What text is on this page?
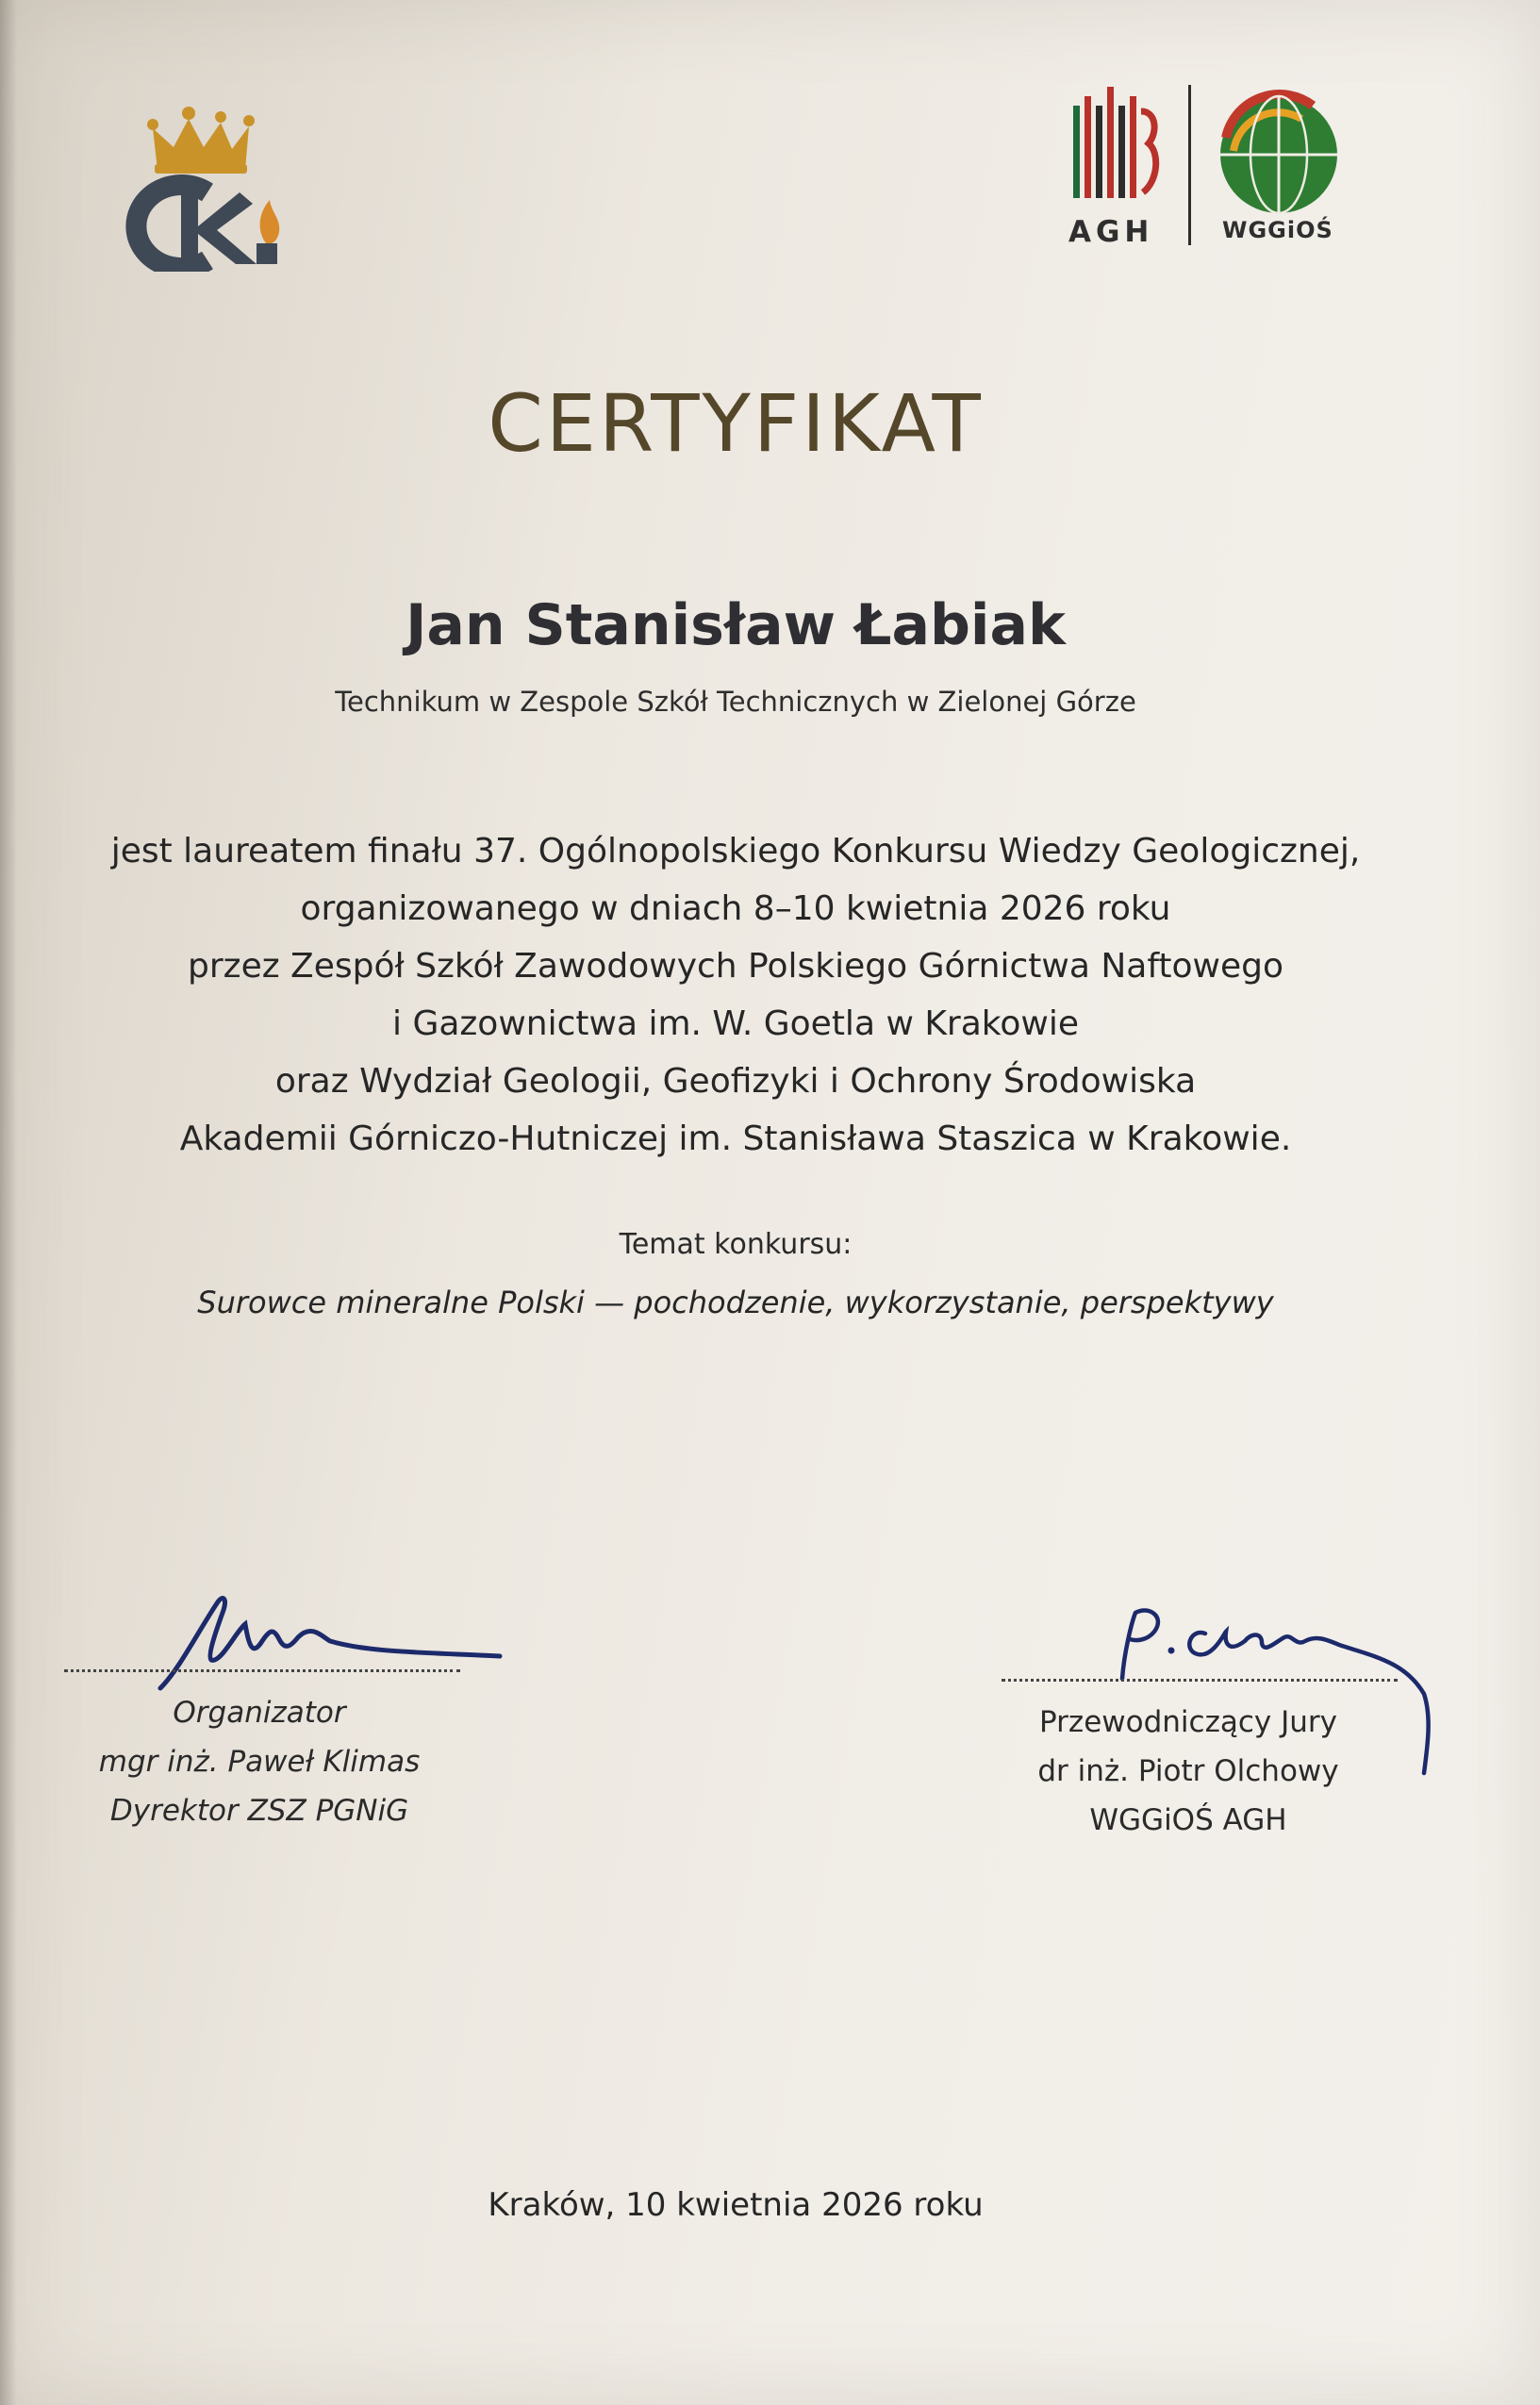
AGH	WGGiOŚ
CERTYFIKAT
Jan Stanisław Łabiak
Technikum w Zespole Szkół Technicznych w Zielonej Górze
jest laureatem finału 37. Ogólnopolskiego Konkursu Wiedzy Geologicznej,
organizowanego w dniach 8–10 kwietnia 2026 roku
przez Zespół Szkół Zawodowych Polskiego Górnictwa Naftowego
i Gazownictwa im. W. Goetla w Krakowie
oraz Wydział Geologii, Geofizyki i Ochrony Środowiska
Akademii Górniczo-Hutniczej im. Stanisława Staszica w Krakowie.
Temat konkursu:
Surowce mineralne Polski — pochodzenie, wykorzystanie, perspektywy
Organizator
mgr inż. Paweł Klimas
Dyrektor ZSZ PGNiG
Przewodniczący Jury
dr inż. Piotr Olchowy
WGGiOŚ AGH
Kraków, 10 kwietnia 2026 roku
